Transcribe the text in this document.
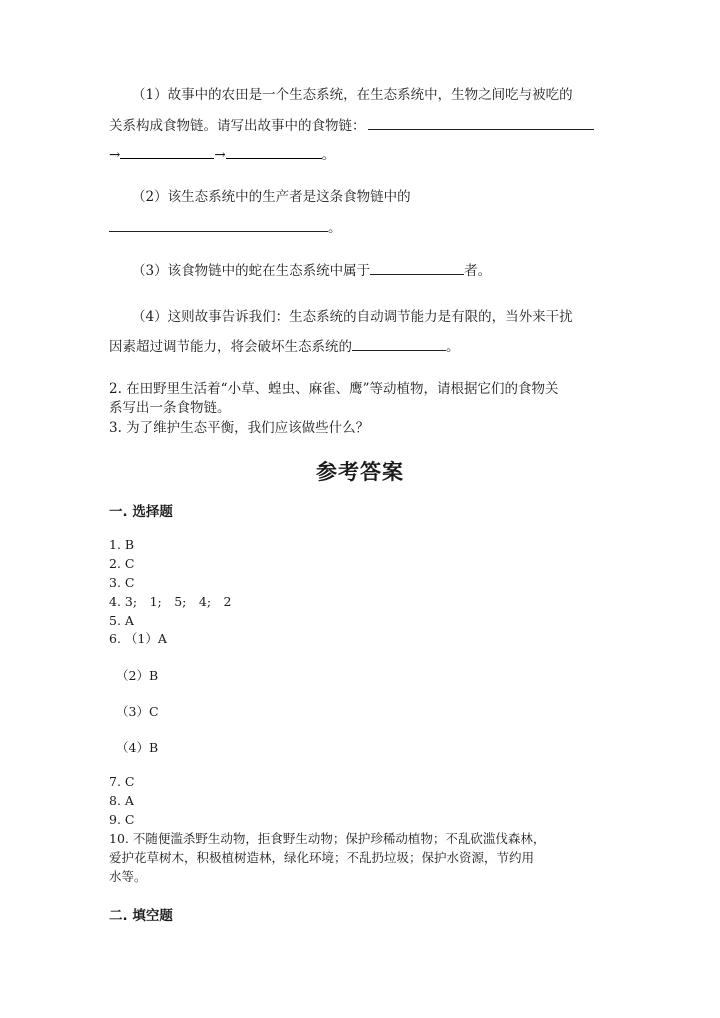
（1）故事中的农田是一个生态系统，在生态系统中，生物之间吃与被吃的
关系构成食物链。请写出故事中的食物链：
→	→	。
（2）该生态系统中的生产者是这条食物链中的
。
（3）该食物链中的蛇在生态系统中属于	者。
（4）这则故事告诉我们：生态系统的自动调节能力是有限的，当外来干扰
因素超过调节能力，将会破坏生态系统的	。
2. 在田野里生活着“小草、蝗虫、麻雀、鹰”等动植物，请根据它们的食物关
系写出一条食物链。
3. 为了维护生态平衡，我们应该做些什么？
参考答案
一. 选择题
1. B
2. C
3. C
4. 3;　1;　5;　4;　2
5. A
6. （1）A
（2）B
（3）C
（4）B
7. C
8. A
9. C
10. 不随便滥杀野生动物，拒食野生动物；保护珍稀动植物；不乱砍滥伐森林，
爱护花草树木，积极植树造林，绿化环境；不乱扔垃圾；保护水资源，节约用
水等。
二. 填空题
